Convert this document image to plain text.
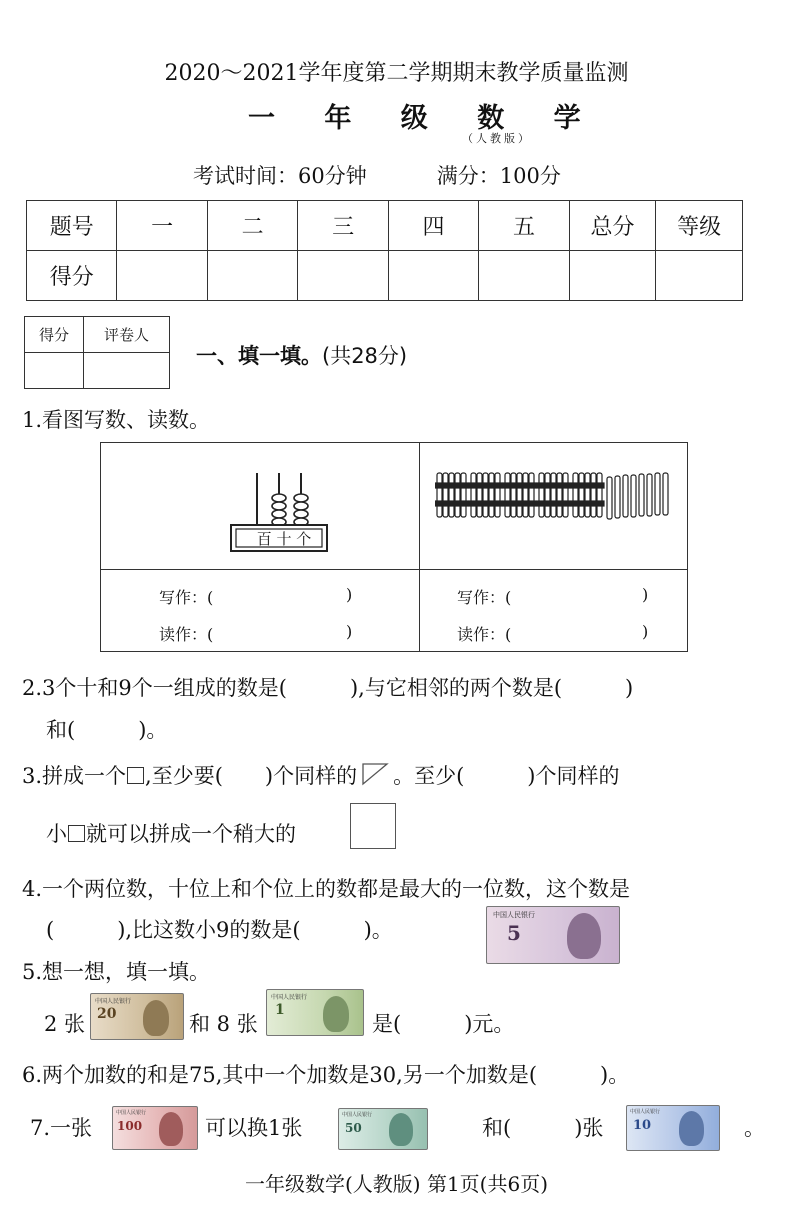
2020～2021学年度第二学期期末教学质量监测
一 年 级 数 学
（人教版）
考试时间：60分钟	满分：100分
题号	一	二	三	四	五	总分	等级
得分							
得分	评卷人

一、填一填。(共28分)
1.看图写数、读数。
百 十 个
写作：(	)
读作：(	)
写作：(	)
读作：(	)
2.3个十和9个一组成的数是(　　　),与它相邻的两个数是(　　　)
和(　　　)。
3.拼成一个 ,至少要(　　)个同样的 。至少(　　　)个同样的
小 就可以拼成一个稍大的
4.一个两位数，十位上和个位上的数都是最大的一位数，这个数是
(　　　),比这数小9的数是(　　　)。
中国人民银行
5
5.想一想，填一填。
2 张
中国人民银行
20	和 8 张
中国人民银行
1
是(　　　)元。
6.两个加数的和是75,其中一个加数是30,另一个加数是(　　　)。
7.一张
中国人民银行
100	可以换1张
中国人民银行
50	和(　　　)张
中国人民银行
10	。
一年级数学(人教版) 第1页(共6页)
